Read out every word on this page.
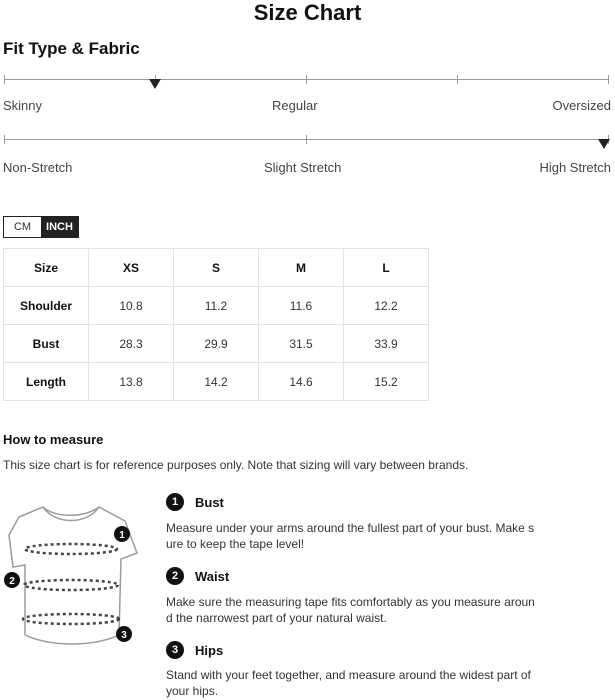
Size Chart
Fit Type & Fabric
Skinny	Regular	Oversized
Non-Stretch	Slight Stretch	High Stretch
CM	INCH
Size	XS	S	M	L
Shoulder	10.8	11.2	11.6	12.2
Bust	28.3	29.9	31.5	33.9
Length	13.8	14.2	14.6	15.2
How to measure
This size chart is for reference purposes only. Note that sizing will vary between brands.
1
2
3
1	Bust
Measure under your arms around the fullest part of your bust. Make s
ure to keep the tape level!
2	Waist
Make sure the measuring tape fits comfortably as you measure aroun
d the narrowest part of your natural waist.
3	Hips
Stand with your feet together, and measure around the widest part of
your hips.
